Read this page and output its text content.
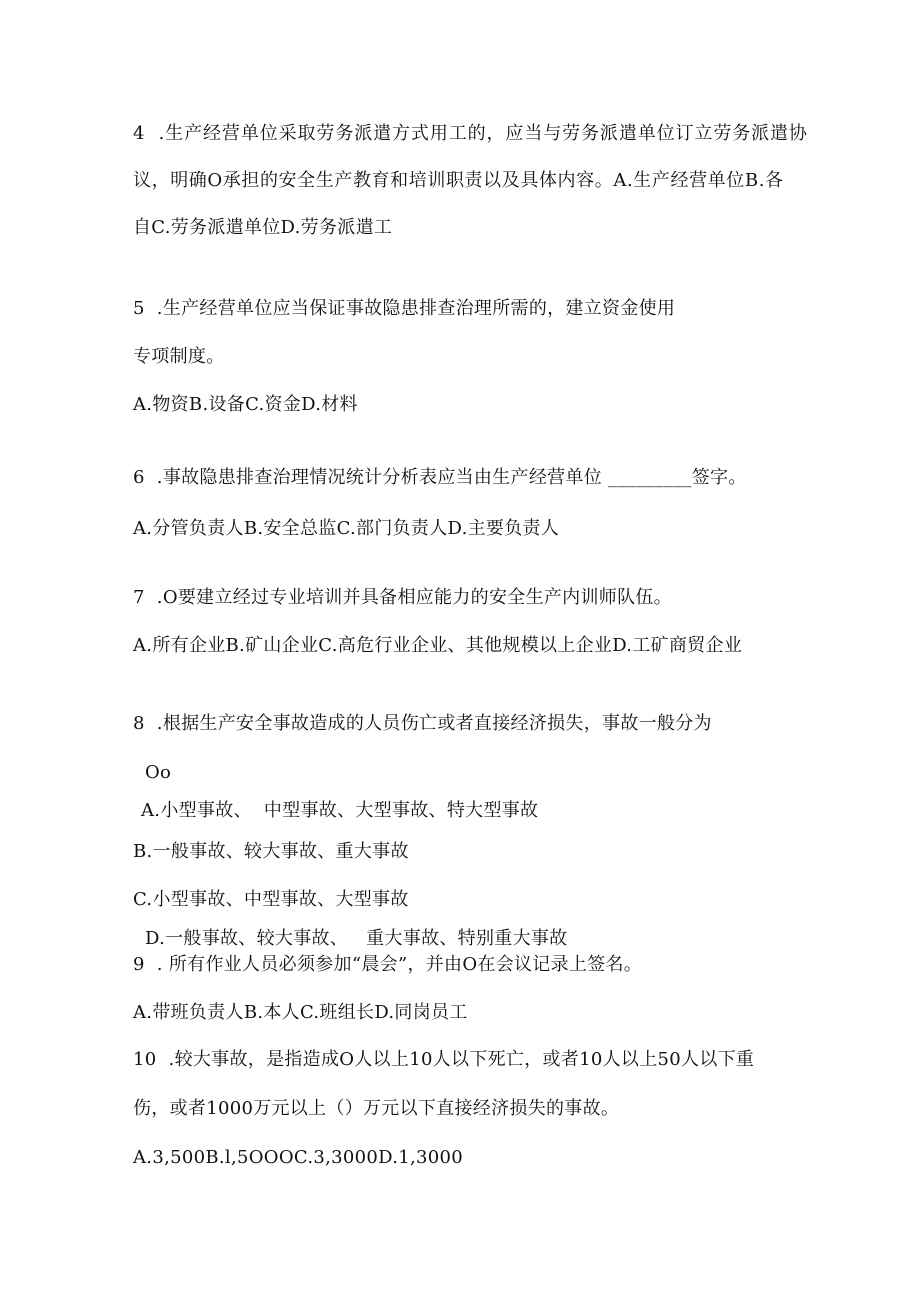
4  .生产经营单位采取劳务派遣方式用工的，应当与劳务派遣单位订立劳务派遣协
议，明确O承担的安全生产教育和培训职责以及具体内容。A.生产经营单位B.各
自C.劳务派遣单位D.劳务派遣工
5  .生产经营单位应当保证事故隐患排查治理所需的，建立资金使用
专项制度。
A.物资B.设备C.资金D.材料
6  .事故隐患排查治理情况统计分析表应当由生产经营单位 _________签字。
A.分管负责人B.安全总监C.部门负责人D.主要负责人
7  .O要建立经过专业培训并具备相应能力的安全生产内训师队伍。
A.所有企业B.矿山企业C.高危行业企业、其他规模以上企业D.工矿商贸企业
8  .根据生产安全事故造成的人员伤亡或者直接经济损失，事故一般分为
Oo
A.小型事故、  中型事故、大型事故、特大型事故
B.一般事故、较大事故、重大事故
C.小型事故、中型事故、大型事故
D.一般事故、较大事故、   重大事故、特别重大事故
9  . 所有作业人员必须参加“晨会”，并由O在会议记录上签名。
A.带班负责人B.本人C.班组长D.同岗员工
10  .较大事故，是指造成O人以上10人以下死亡，或者10人以上50人以下重
伤，或者1000万元以上（）万元以下直接经济损失的事故。
A.3,500B.l,5OOOC.3,3000D.1,3000
